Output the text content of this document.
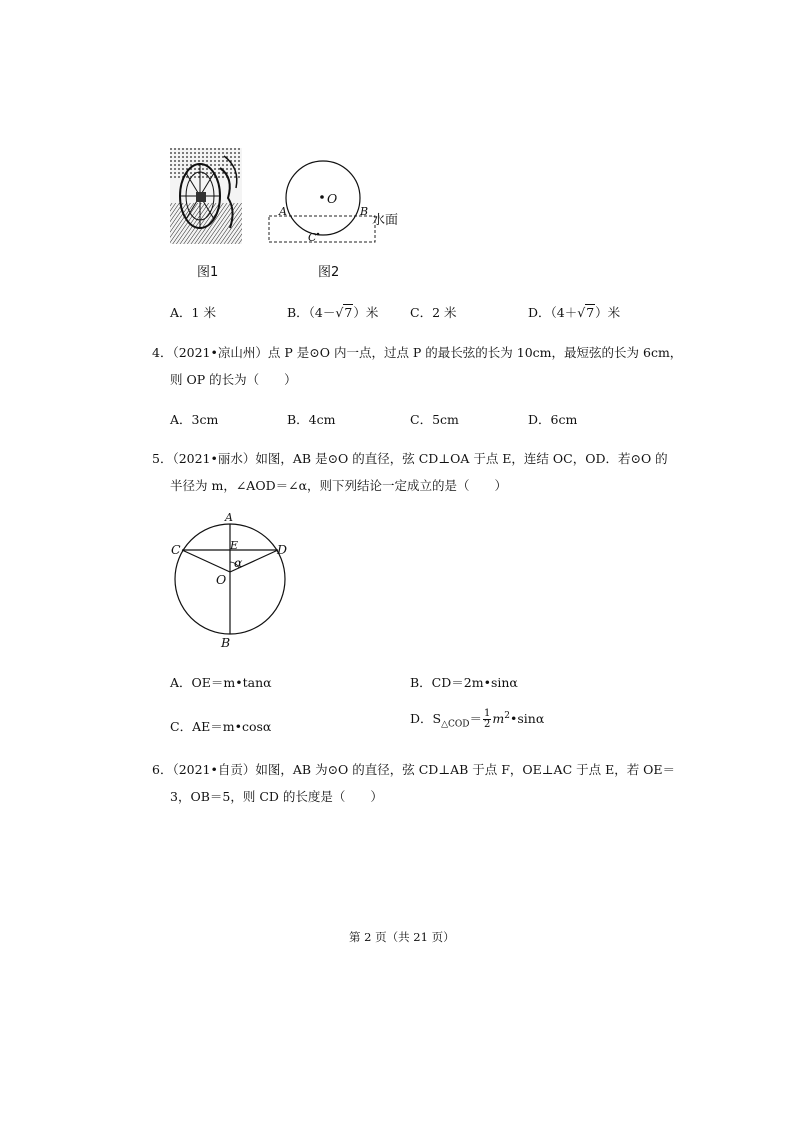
图1
O
A	B
C
水面
图2
A．1 米	B．（4－√7）米	C．2 米	D．（4＋√7）米
4．（2021•凉山州）点 P 是⊙O 内一点，过点 P 的最长弦的长为 10cm，最短弦的长为 6cm，
则 OP 的长为（　　）
A．3cm	B．4cm	C．5cm	D．6cm
5．（2021•丽水）如图，AB 是⊙O 的直径，弦 CD⊥OA 于点 E，连结 OC，OD．若⊙O 的
半径为 m，∠AOD＝∠α，则下列结论一定成立的是（　　）
A
C	D
E
α
O
B
A．OE＝m•tanα	B．CD＝2m•sinα
C．AE＝m•cosα
D．$S_{\triangle COD}= \frac{1}{2}$ $m^2•\sin\alpha$
6．（2021•自贡）如图，AB 为⊙O 的直径，弦 CD⊥AB 于点 F，OE⊥AC 于点 E，若 OE＝
3，OB＝5，则 CD 的长度是（　　）
第 2 页（共 21 页）
